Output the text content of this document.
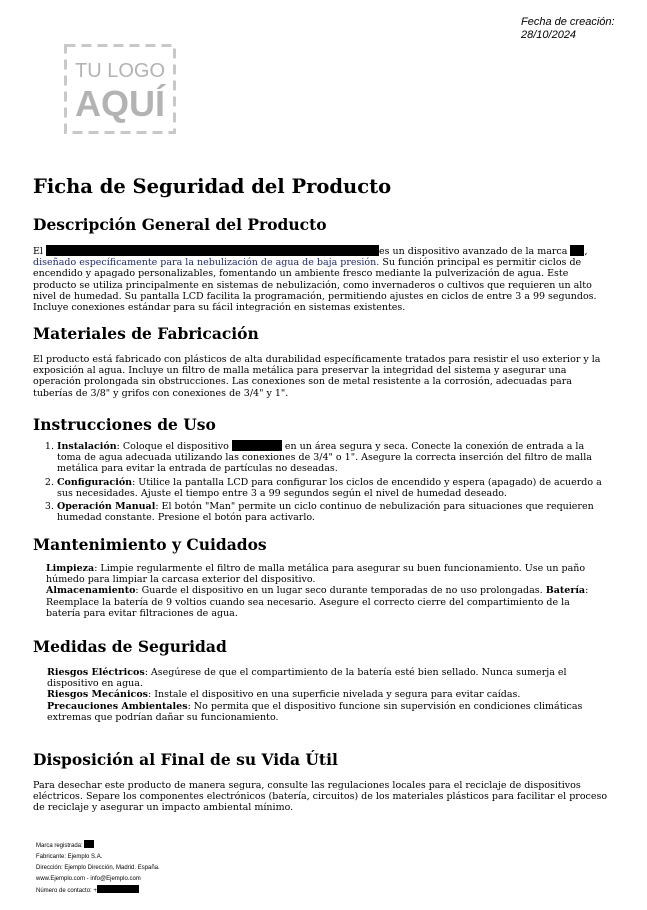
Fecha de creación:
28/10/2024
TU LOGO
AQUÍ
Ficha de Seguridad del Producto
Descripción General del Producto
El	es un dispositivo avanzado de la marca , diseñado específicamente para la nebulización de agua de baja presión. Su función principal es permitir ciclos de encendido y apagado personalizables, fomentando un ambiente fresco mediante la pulverización de agua. Este producto se utiliza principalmente en sistemas de nebulización, como invernaderos o cultivos que requieren un alto nivel de humedad. Su pantalla LCD facilita la programación, permitiendo ajustes en ciclos de entre 3 a 99 segundos. Incluye conexiones estándar para su fácil integración en sistemas existentes.
Materiales de Fabricación

El producto está fabricado con plásticos de alta durabilidad específicamente tratados para resistir el uso exterior y la exposición al agua. Incluye un filtro de malla metálica para preservar la integridad del sistema y asegurar una operación prolongada sin obstrucciones. Las conexiones son de metal resistente a la corrosión, adecuadas para tuberías de 3/8" y grifos con conexiones de 3/4" y 1".

Instrucciones de Uso
1. Instalación: Coloque el dispositivo	en un área segura y seca. Conecte la conexión de entrada a la toma de agua adecuada utilizando las conexiones de 3/4" o 1". Asegure la correcta inserción del filtro de malla metálica para evitar la entrada de partículas no deseadas.
2. Configuración: Utilice la pantalla LCD para configurar los ciclos de encendido y espera (apagado) de acuerdo a sus necesidades. Ajuste el tiempo entre 3 a 99 segundos según el nivel de humedad deseado.
3. Operación Manual: El botón "Man" permite un ciclo continuo de nebulización para situaciones que requieren humedad constante. Presione el botón para activarlo.
Mantenimiento y Cuidados

Limpieza: Limpie regularmente el filtro de malla metálica para asegurar su buen funcionamiento. Use un paño húmedo para limpiar la carcasa exterior del dispositivo.

Almacenamiento: Guarde el dispositivo en un lugar seco durante temporadas de no uso prolongadas. Batería: Reemplace la batería de 9 voltios cuando sea necesario. Asegure el correcto cierre del compartimiento de la batería para evitar filtraciones de agua.

Medidas de Seguridad

Riesgos Eléctricos: Asegúrese de que el compartimiento de la batería esté bien sellado. Nunca sumerja el dispositivo en agua.

Riesgos Mecánicos: Instale el dispositivo en una superficie nivelada y segura para evitar caídas.

Precauciones Ambientales: No permita que el dispositivo funcione sin supervisión en condiciones climáticas extremas que podrían dañar su funcionamiento.

Disposición al Final de su Vida Útil

Para desechar este producto de manera segura, consulte las regulaciones locales para el reciclaje de dispositivos eléctricos. Separe los componentes electrónicos (batería, circuitos) de los materiales plásticos para facilitar el proceso de reciclaje y asegurar un impacto ambiental mínimo.

Marca registrada:
Fabricante: Ejemplo S.A.
Dirección: Ejemplo Dirección, Madrid. España.
www.Ejemplo.com - info@Ejemplo.com
Número de contacto: +
